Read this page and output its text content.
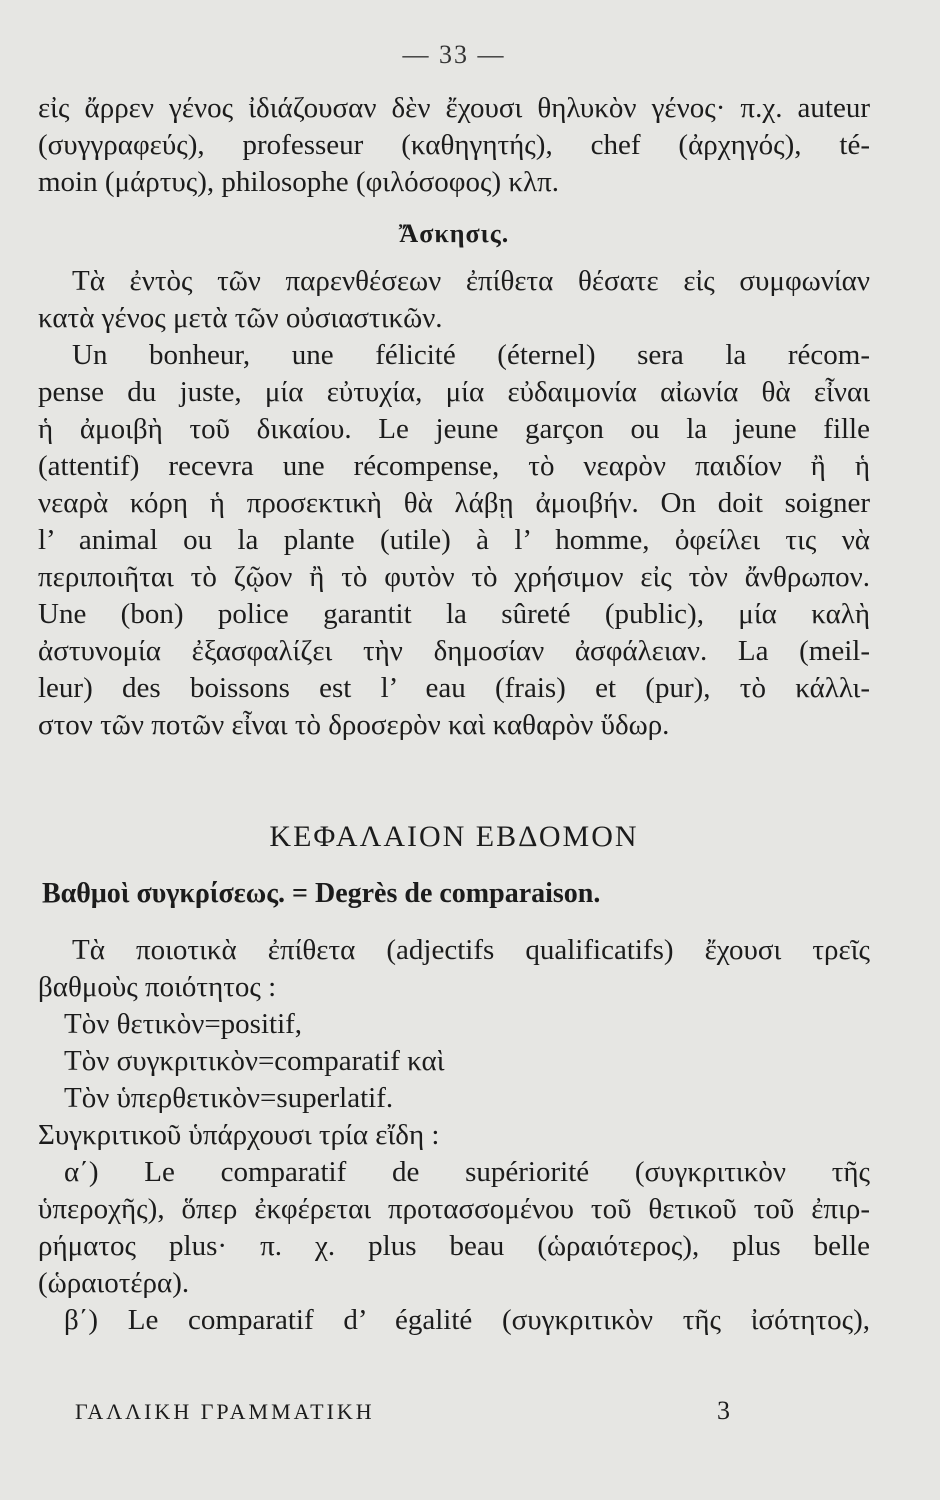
— 33 —
εἰς ἄρρεν γένος ἰδιάζουσαν δὲν ἔχουσι θηλυκὸν γένος· π.χ. auteur
(συγγραφεύς), professeur (καθηγητής), chef (ἀρχηγός), té-
moin (μάρτυς), philosophe (φιλόσοφος) κλπ.
Ἄσκησις.
Τὰ ἐντὸς τῶν παρενθέσεων ἐπίθετα θέσατε εἰς συμφωνίαν
κατὰ γένος μετὰ τῶν οὐσιαστικῶν.
Un bonheur, une félicité (éternel) sera la récom-
pense du juste, μία εὐτυχία, μία εὐδαιμονία αἰωνία θὰ εἶναι
ἡ ἀμοιβὴ τοῦ δικαίου. Le jeune garçon ou la jeune fille
(attentif) recevra une récompense, τὸ νεαρὸν παιδίον ἢ ἡ
νεαρὰ κόρη ἡ προσεκτικὴ θὰ λάβῃ ἀμοιβήν. On doit soigner
l’ animal ou la plante (utile) à l’ homme, ὀφείλει τις νὰ
περιποιῆται τὸ ζῷον ἢ τὸ φυτὸν τὸ χρήσιμον εἰς τὸν ἄνθρωπον.
Une (bon) police garantit la sûreté (public), μία καλὴ
ἀστυνομία ἐξασφαλίζει τὴν δημοσίαν ἀσφάλειαν. La (meil-
leur) des boissons est l’ eau (frais) et (pur), τὸ κάλλι-
στον τῶν ποτῶν εἶναι τὸ δροσερὸν καὶ καθαρὸν ὕδωρ.
ΚΕΦΑΛΑΙΟΝ ΕΒΔΟΜΟΝ
Βαθμοὶ συγκρίσεως. = Degrès de comparaison.
Τὰ ποιοτικὰ ἐπίθετα (adjectifs qualificatifs) ἔχουσι τρεῖς
βαθμοὺς ποιότητος :
Τὸν θετικὸν=positif,
Τὸν συγκριτικὸν=comparatif καὶ
Τὸν ὑπερθετικὸν=superlatif.
Συγκριτικοῦ ὑπάρχουσι τρία εἴδη :
α΄) Le comparatif de supériorité (συγκριτικὸν τῆς
ὑπεροχῆς), ὅπερ ἐκφέρεται προτασσομένου τοῦ θετικοῦ τοῦ ἐπιρ-
ρήματος plus· π. χ. plus beau (ὡραιότερος), plus belle
(ὡραιοτέρα).
β΄) Le comparatif d’ égalité (συγκριτικὸν τῆς ἰσότητος),
ΓΑΛΛΙΚΗ ΓΡΑΜΜΑΤΙΚΗ	3
